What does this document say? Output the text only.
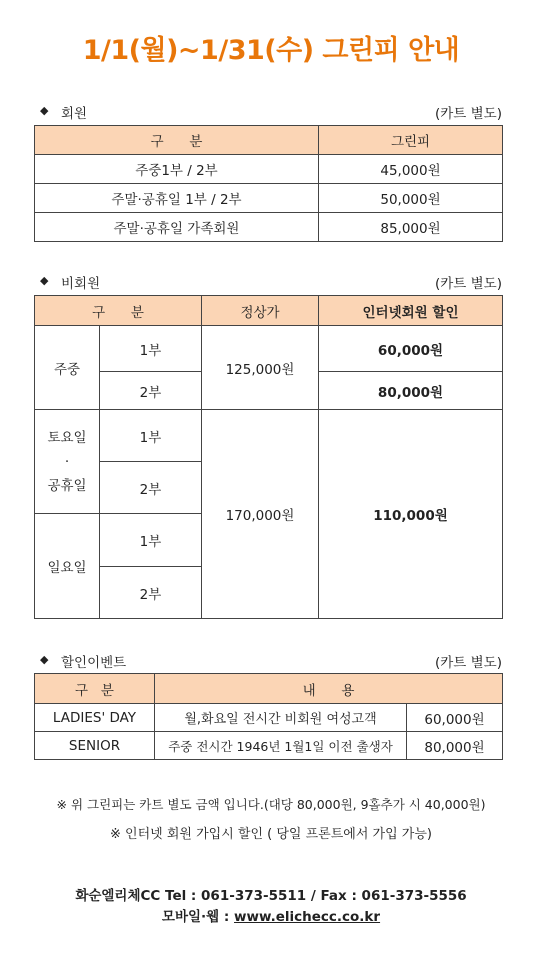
1/1(월)~1/31(수) 그린피 안내
◆ 회원	(카트 별도)
구      분	그린피
주중1부 / 2부	45,000원
주말·공휴일 1부 / 2부	50,000원
주말·공휴일 가족회원	85,000원
◆ 비회원	(카트 별도)
구      분		정상가	인터넷회원 할인
주중	1부	125,000원	60,000원
	2부		80,000원

토요일
·
공휴일	1부	170,000원	110,000원
	2부		
일요일	1부		
	2부		
◆ 할인이벤트	(카트 별도)
구   분	내      용	
LADIES' DAY	월,화요일 전시간 비회원 여성고객	60,000원
SENIOR	주중 전시간 1946년 1월1일 이전 출생자	80,000원
※ 위 그린피는 카트 별도 금액 입니다.(대당 80,000원, 9홀추가 시 40,000원)
※ 인터넷 회원 가입시 할인 ( 당일 프론트에서 가입 가능)
화순엘리체CC Tel : 061-373-5511 / Fax : 061-373-5556
모바일·웹 : www.elichecc.co.kr
